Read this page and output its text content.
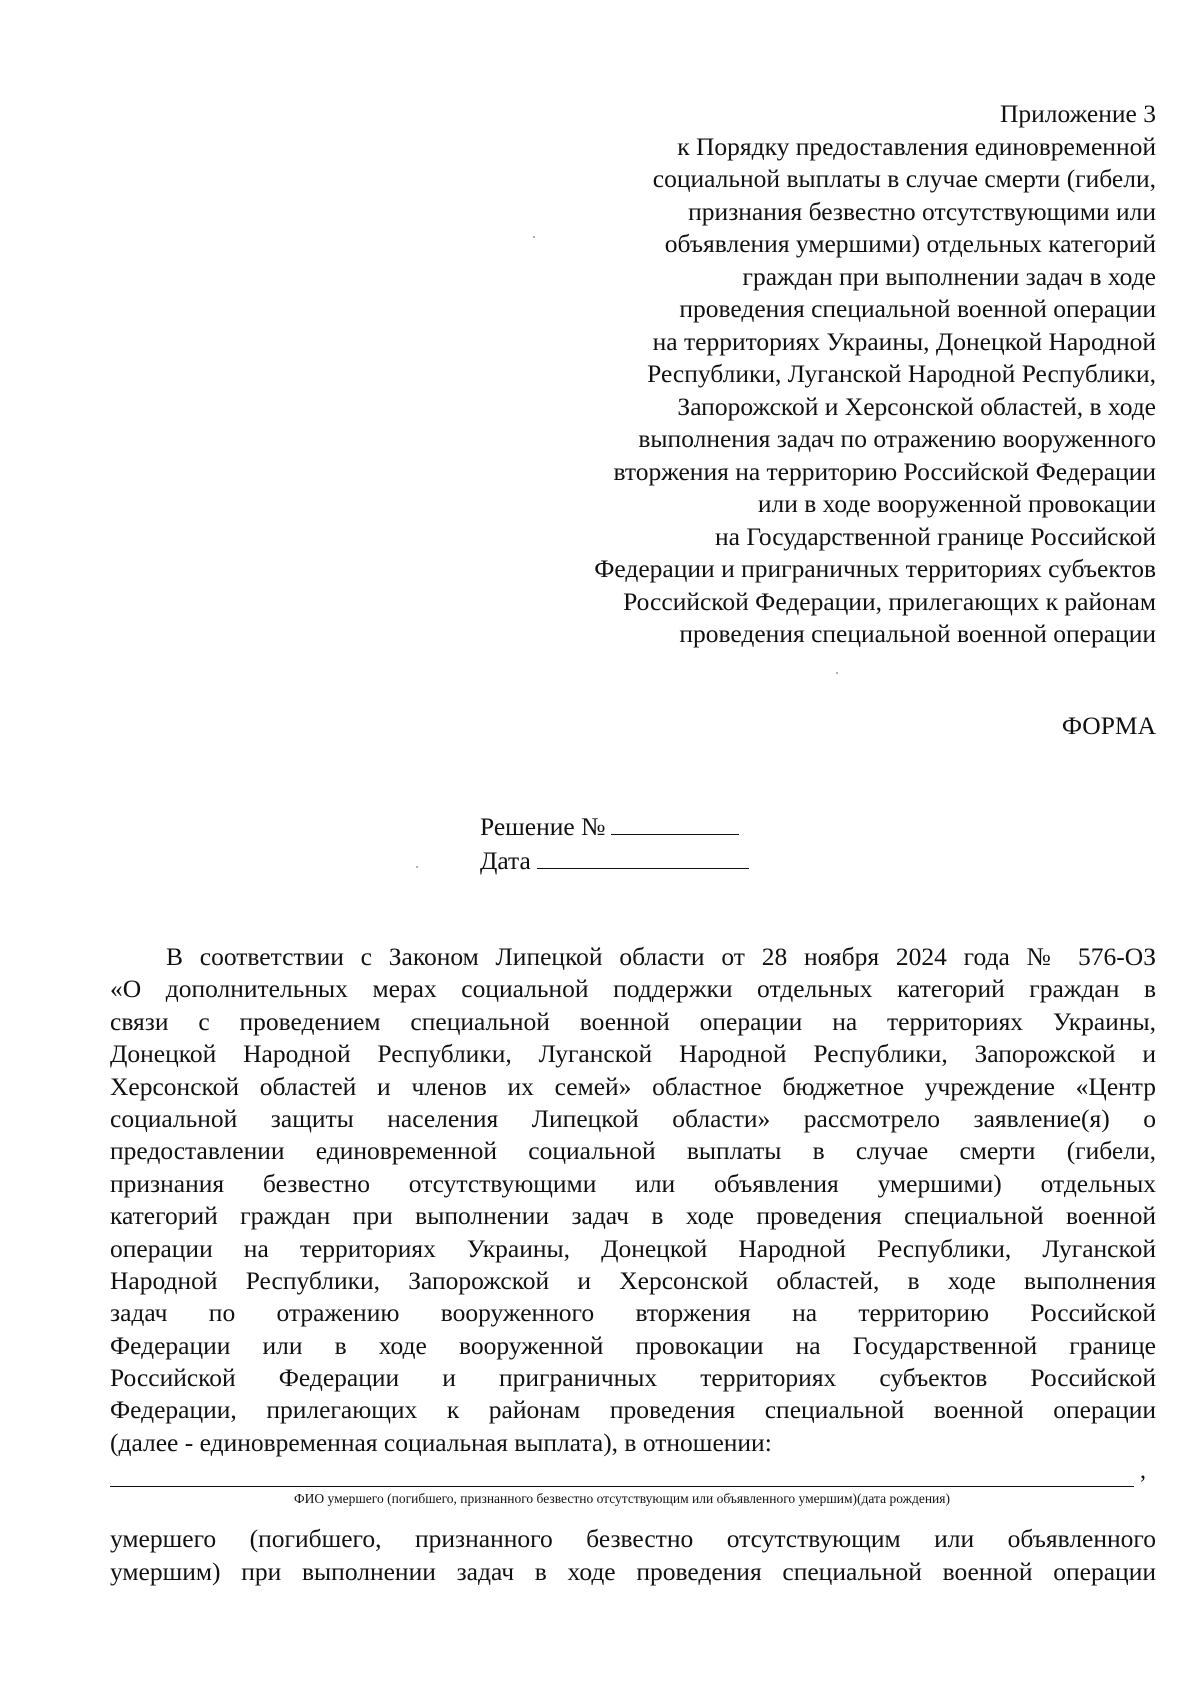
Приложение 3
к Порядку предоставления единовременной
социальной выплаты в случае смерти (гибели,
признания безвестно отсутствующими или
объявления умершими) отдельных категорий
граждан при выполнении задач в ходе
проведения специальной военной операции
на территориях Украины, Донецкой Народной
Республики, Луганской Народной Республики,
Запорожской и Херсонской областей, в ходе
выполнения задач по отражению вооруженного
вторжения на территорию Российской Федерации
или в ходе вооруженной провокации
на Государственной границе Российской
Федерации и приграничных территориях субъектов
Российской Федерации, прилегающих к районам
проведения специальной военной операции
ФОРМА
Решение №
Дата
В соответствии с Законом Липецкой области от 28 ноября 2024 года № 576-ОЗ
«О дополнительных мерах социальной поддержки отдельных категорий граждан в
связи с проведением специальной военной операции на территориях Украины,
Донецкой Народной Республики, Луганской Народной Республики, Запорожской и
Херсонской областей и членов их семей» областное бюджетное учреждение «Центр
социальной защиты населения Липецкой области» рассмотрело заявление(я) о
предоставлении единовременной социальной выплаты в случае смерти (гибели,
признания безвестно отсутствующими или объявления умершими) отдельных
категорий граждан при выполнении задач в ходе проведения специальной военной
операции на территориях Украины, Донецкой Народной Республики, Луганской
Народной Республики, Запорожской и Херсонской областей, в ходе выполнения
задач по отражению вооруженного вторжения на территорию Российской
Федерации или в ходе вооруженной провокации на Государственной границе
Российской Федерации и приграничных территориях субъектов Российской
Федерации, прилегающих к районам проведения специальной военной операции
(далее - единовременная социальная выплата), в отношении:
,
ФИО умершего (погибшего, признанного безвестно отсутствующим или объявленного умершим)(дата рождения)
умершего (погибшего, признанного безвестно отсутствующим или объявленного
умершим) при выполнении задач в ходе проведения специальной военной операции
